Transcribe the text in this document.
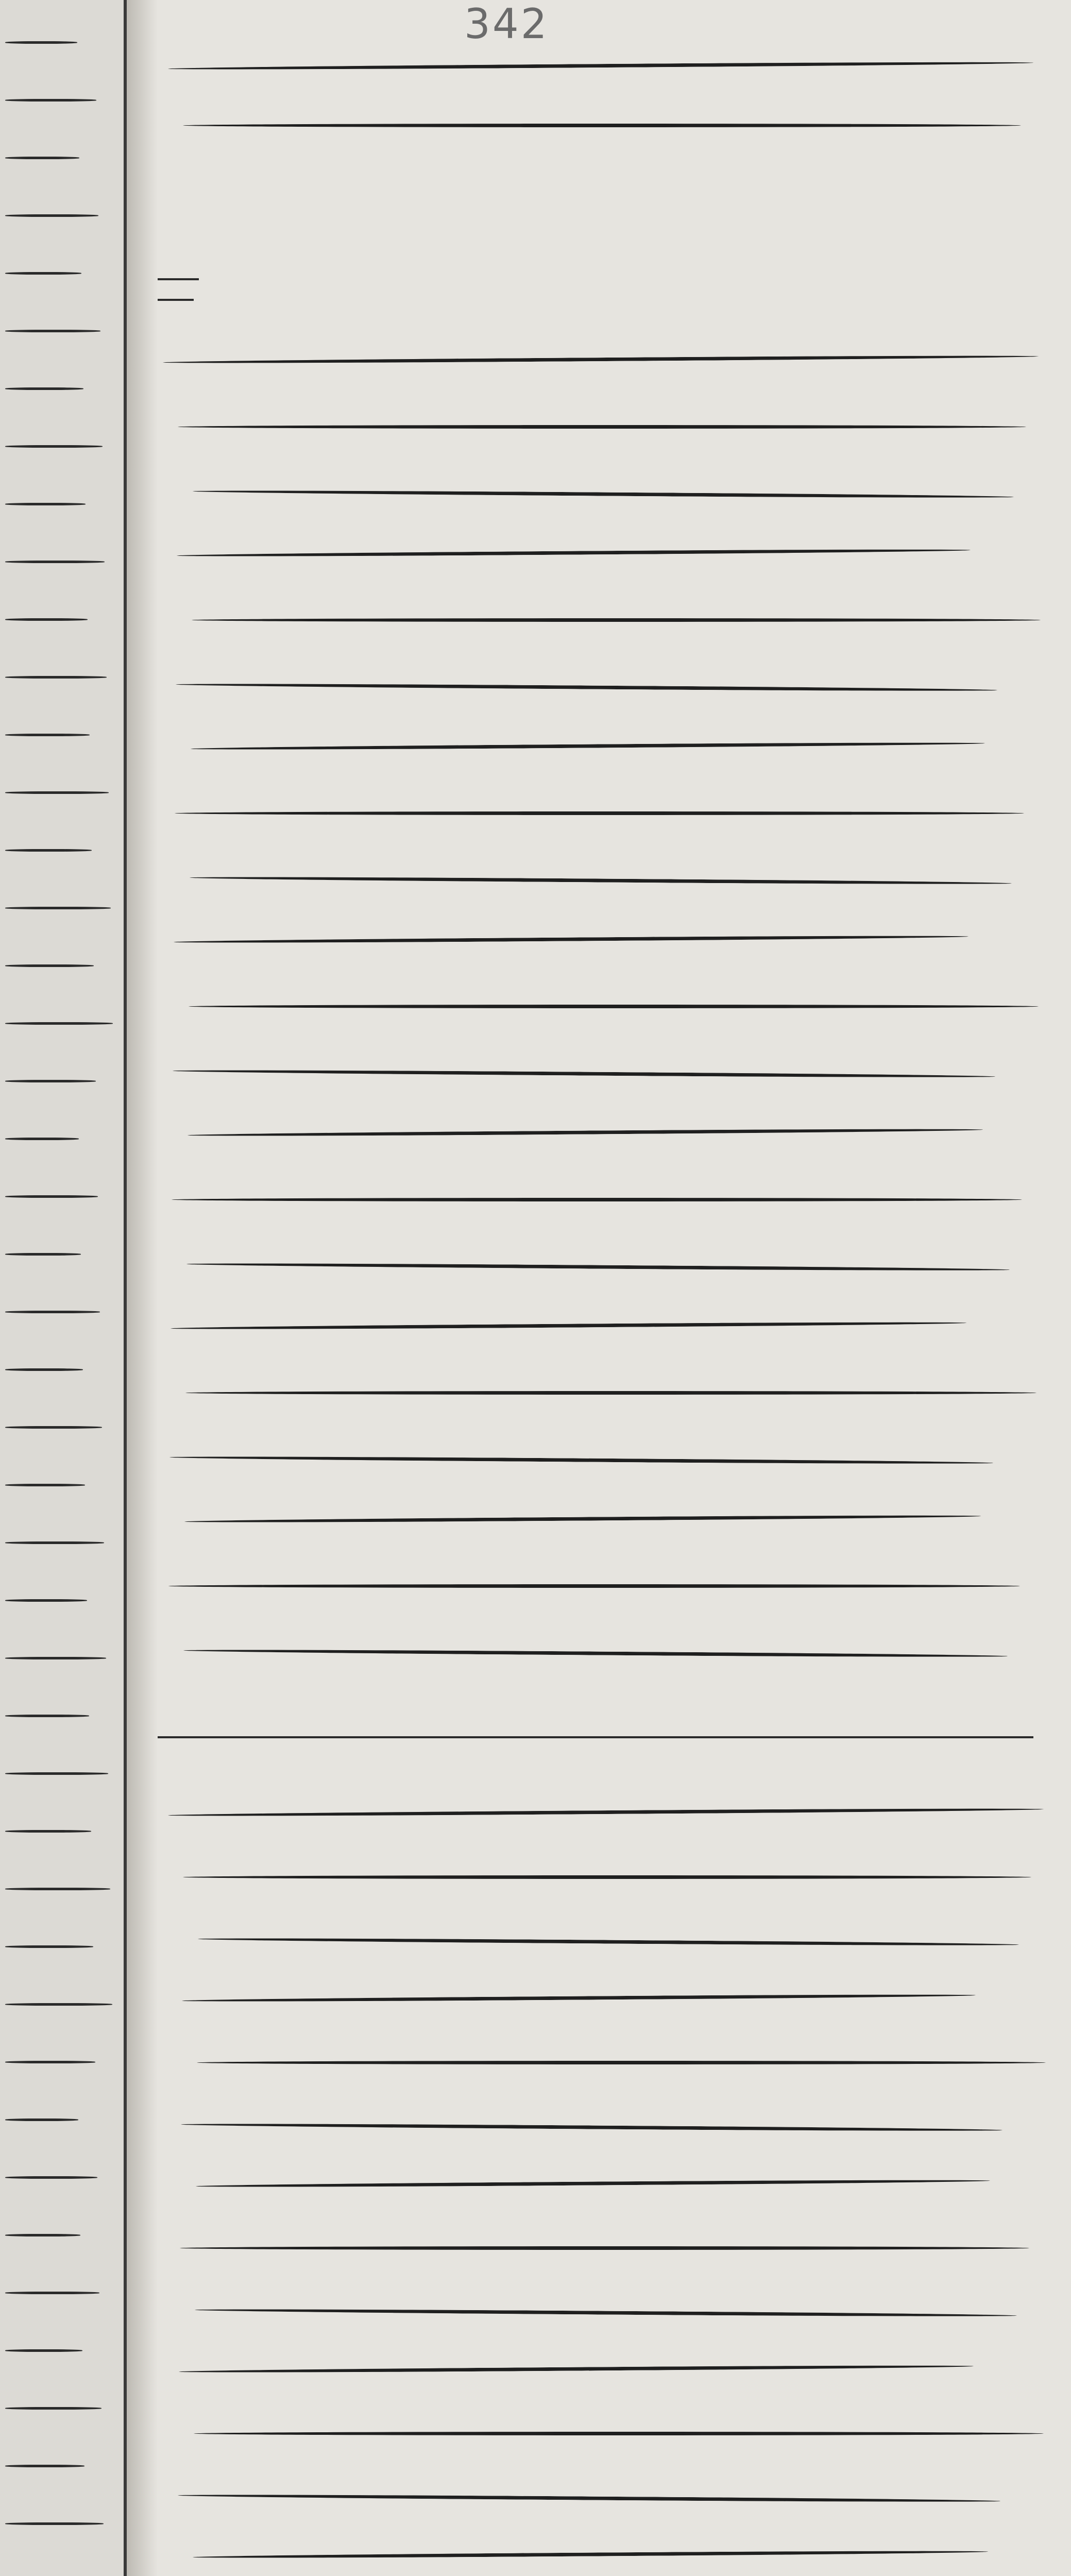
342
